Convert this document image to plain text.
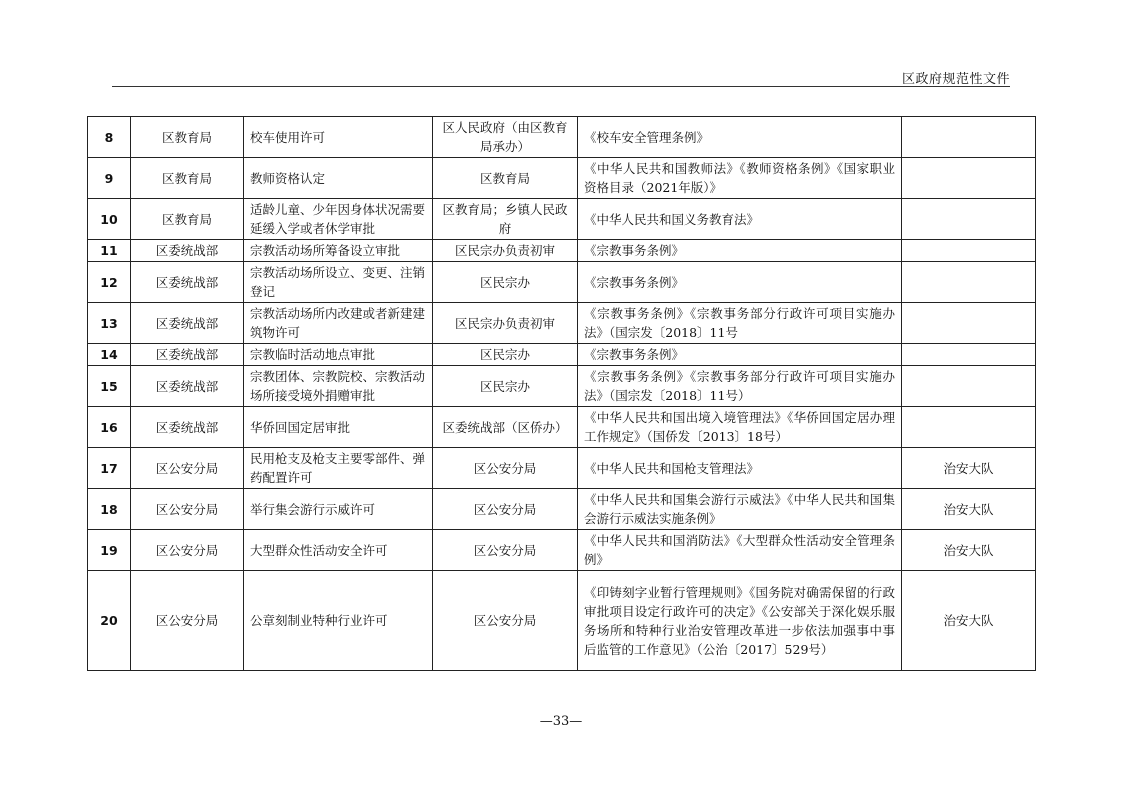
区政府规范性文件
8	区教育局	校车使用许可	区人民政府（由区教育局承办）	《校车安全管理条例》	
9	区教育局	教师资格认定	区教育局	《中华人民共和国教师法》《教师资格条例》《国家职业资格目录（2021年版）》	
10	区教育局	适龄儿童、少年因身体状况需要延缓入学或者休学审批	区教育局；乡镇人民政府	《中华人民共和国义务教育法》	
11	区委统战部	宗教活动场所筹备设立审批	区民宗办负责初审	《宗教事务条例》	
12	区委统战部	宗教活动场所设立、变更、注销登记	区民宗办	《宗教事务条例》	
13	区委统战部	宗教活动场所内改建或者新建建筑物许可	区民宗办负责初审	《宗教事务条例》《宗教事务部分行政许可项目实施办法》（国宗发〔2018〕11号	
14	区委统战部	宗教临时活动地点审批	区民宗办	《宗教事务条例》	
15	区委统战部	宗教团体、宗教院校、宗教活动场所接受境外捐赠审批	区民宗办	《宗教事务条例》《宗教事务部分行政许可项目实施办法》（国宗发〔2018〕11号）	
16	区委统战部	华侨回国定居审批	区委统战部（区侨办）	《中华人民共和国出境入境管理法》《华侨回国定居办理工作规定》（国侨发〔2013〕18号）	
17	区公安分局	民用枪支及枪支主要零部件、弹药配置许可	区公安分局	《中华人民共和国枪支管理法》	治安大队
18	区公安分局	举行集会游行示威许可	区公安分局	《中华人民共和国集会游行示威法》《中华人民共和国集会游行示威法实施条例》	治安大队
19	区公安分局	大型群众性活动安全许可	区公安分局	《中华人民共和国消防法》《大型群众性活动安全管理条例》	治安大队
20	区公安分局	公章刻制业特种行业许可	区公安分局	《印铸刻字业暂行管理规则》《国务院对确需保留的行政审批项目设定行政许可的决定》《公安部关于深化娱乐服务场所和特种行业治安管理改革进一步依法加强事中事后监管的工作意见》（公治〔2017〕529号）	治安大队
—33—
